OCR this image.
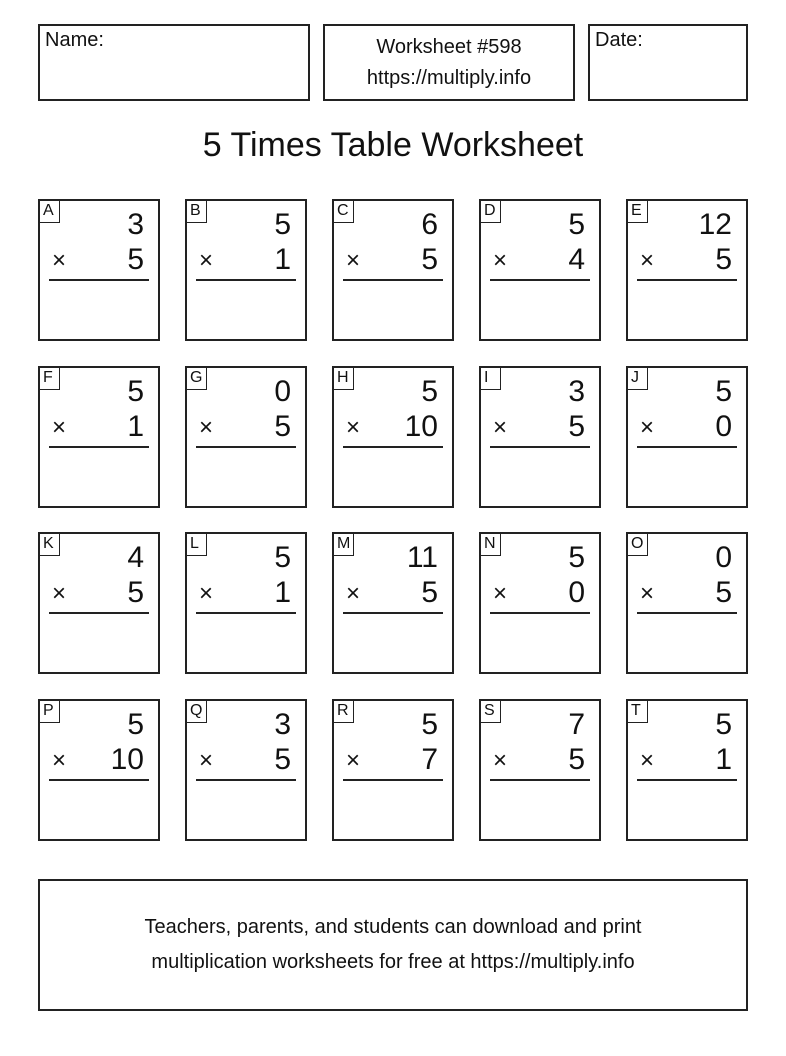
Name:	Worksheet #598
https://multiply.info
Date:
5 Times Table Worksheet
A 3
× 5
B 5
× 1
C 6
× 5
D 5
× 4
E 12
× 5
F 5
× 1
G 0
× 5
H 5
× 10
I	3
× 5
J	5
× 0
K 4
× 5
L	5
× 1
M 11
× 5
N 5
× 0
O 0
× 5
P 5
× 10
Q 3
× 5
R 5
× 7
S 7
× 5
T 5
× 1
Teachers, parents, and students can download and print
multiplication worksheets for free at https://multiply.info
